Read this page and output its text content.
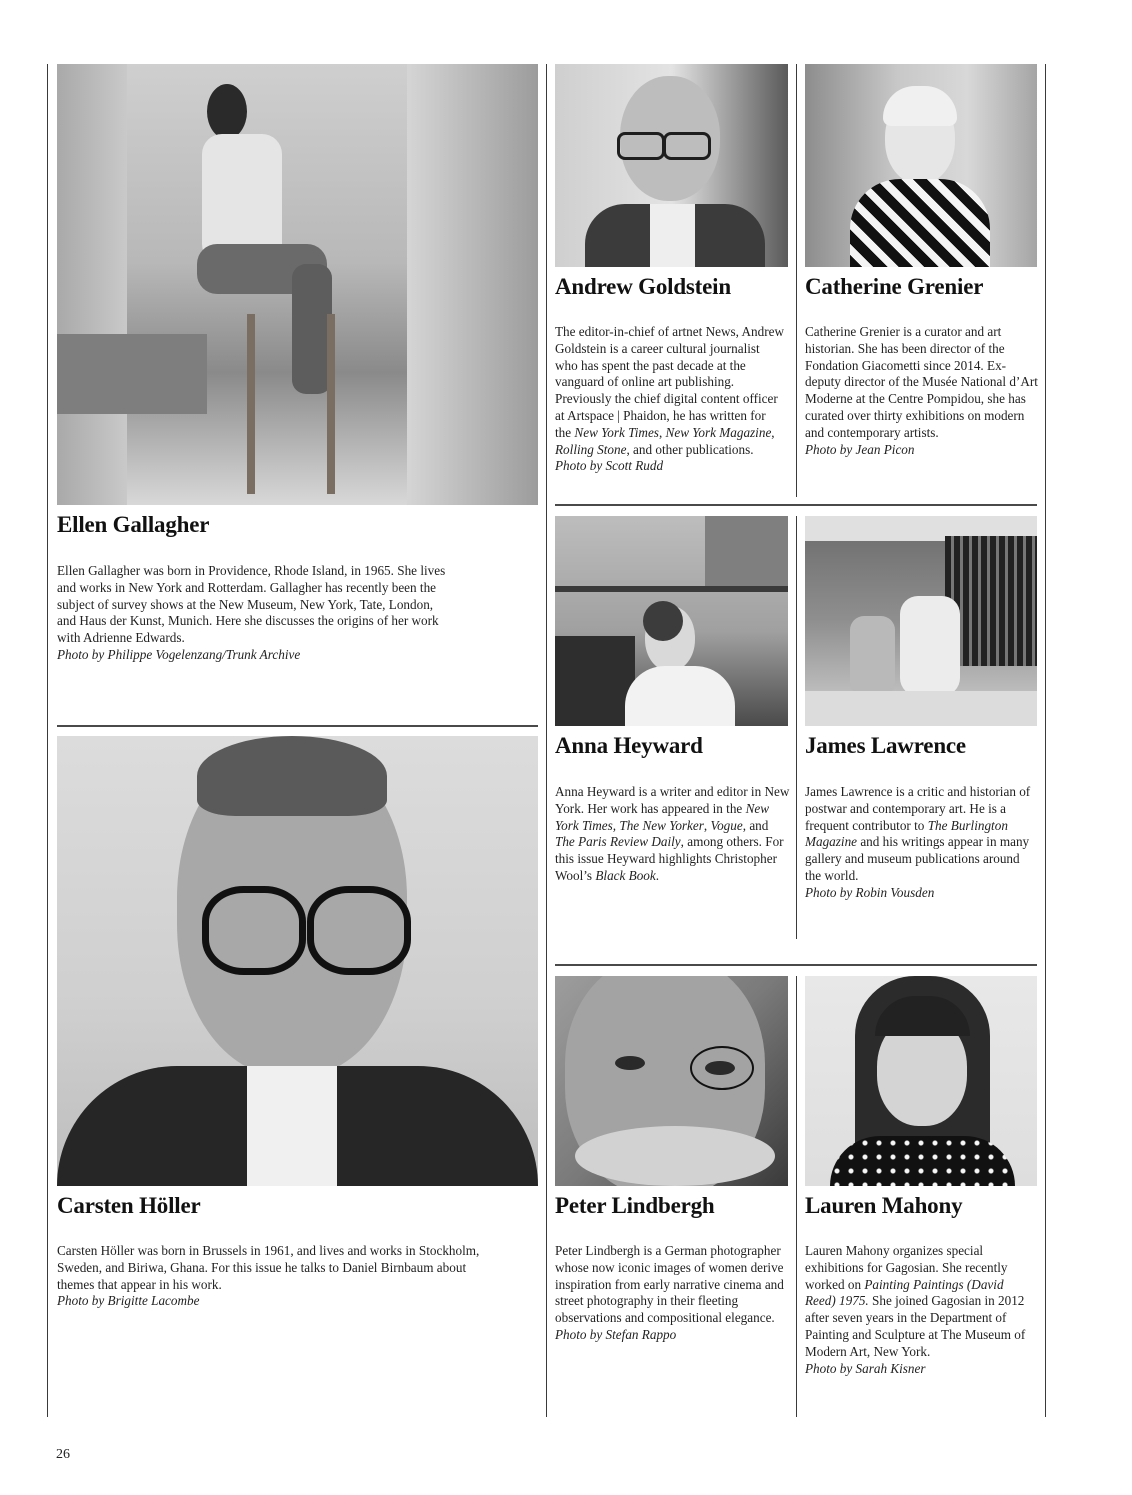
Ellen Gallagher

Ellen Gallagher was born in Providence, Rhode Island, in 1965. She lives and works in New York and Rotterdam. Gallagher has recently been the subject of survey shows at the New Museum, New York, Tate, London, and Haus der Kunst, Munich. Here she discusses the origins of her work with Adrienne Edwards.
Photo by Philippe Vogelenzang/Trunk Archive

Andrew Goldstein

The editor-in-chief of artnet News, Andrew Goldstein is a career cultural journalist who has spent the past decade at the vanguard of online art publishing. Previously the chief digital content officer at Artspace | Phaidon, he has written for the New York Times, New York Magazine, Rolling Stone, and other publications.
Photo by Scott Rudd

Catherine Grenier

Catherine Grenier is a curator and art historian. She has been director of the Fondation Giacometti since 2014. Ex-deputy director of the Musée National d’Art Moderne at the Centre Pompidou, she has curated over thirty exhibitions on modern and contemporary artists.
Photo by Jean Picon

Anna Heyward

Anna Heyward is a writer and editor in New York. Her work has appeared in the New York Times, The New Yorker, Vogue, and The Paris Review Daily, among others. For this issue Heyward highlights Christopher Wool’s Black Book.

James Lawrence

James Lawrence is a critic and historian of postwar and contemporary art. He is a frequent contributor to The Burlington Magazine and his writings appear in many gallery and museum publications around the world.
Photo by Robin Vousden

Carsten Höller

Carsten Höller was born in Brussels in 1961, and lives and works in Stockholm, Sweden, and Biriwa, Ghana. For this issue he talks to Daniel Birnbaum about themes that appear in his work.
Photo by Brigitte Lacombe

Peter Lindbergh

Peter Lindbergh is a German photographer whose now iconic images of women derive inspiration from early narrative cinema and street photography in their fleeting observations and compositional elegance.
Photo by Stefan Rappo

Lauren Mahony

Lauren Mahony organizes special exhibitions for Gagosian. She recently worked on Painting Paintings (David Reed) 1975. She joined Gagosian in 2012 after seven years in the Department of Painting and Sculpture at The Museum of Modern Art, New York.
Photo by Sarah Kisner

26
